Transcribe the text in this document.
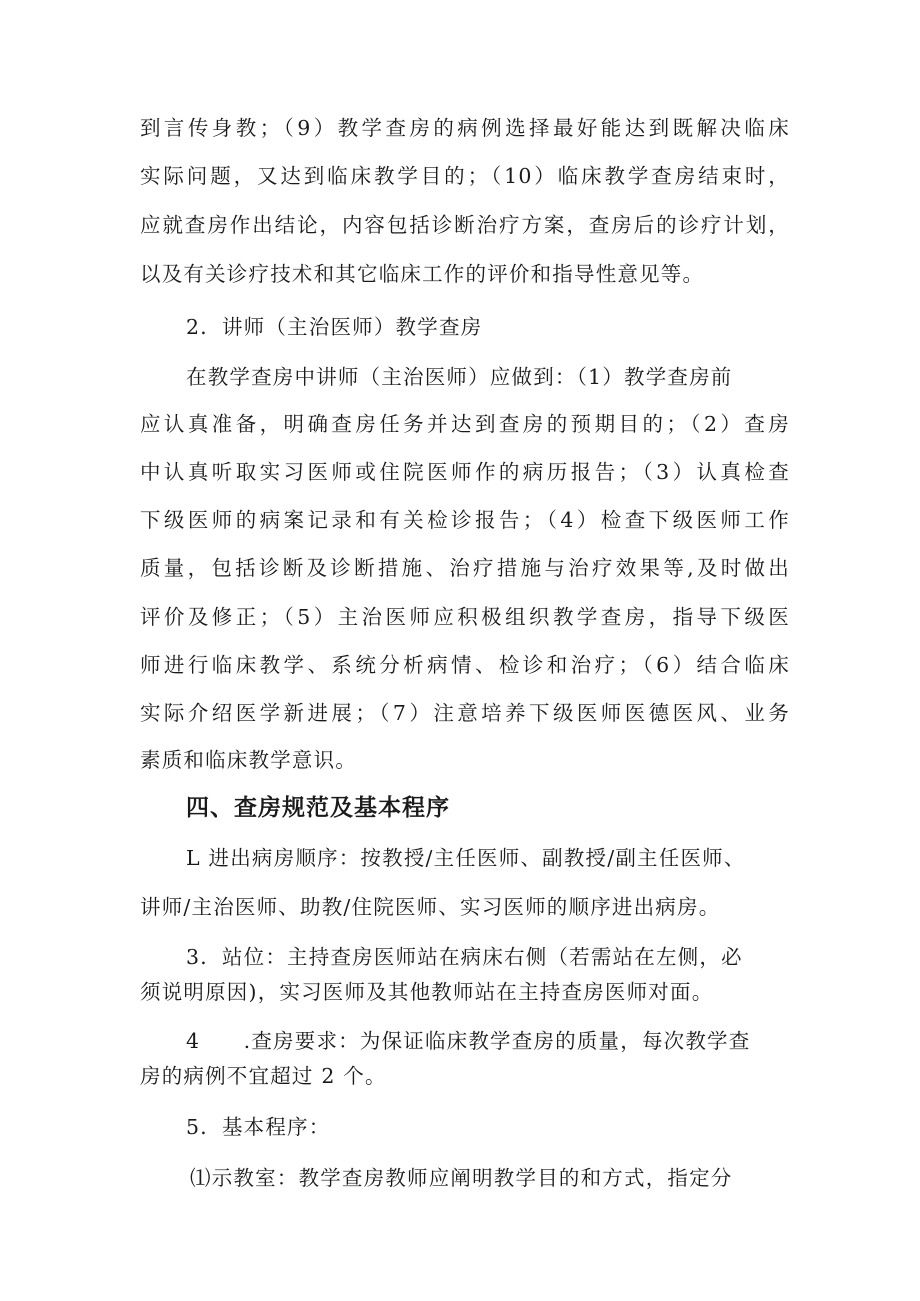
到言传身教；（9）教学查房的病例选择最好能达到既解决临床
实际问题，又达到临床教学目的；（10）临床教学查房结束时，
应就查房作出结论，内容包括诊断治疗方案，查房后的诊疗计划，
以及有关诊疗技术和其它临床工作的评价和指导性意见等。
2．讲师（主治医师）教学查房
在教学查房中讲师（主治医师）应做到：（1）教学查房前
应认真准备，明确查房任务并达到查房的预期目的；（2）查房
中认真听取实习医师或住院医师作的病历报告；（3）认真检查
下级医师的病案记录和有关检诊报告；（4）检查下级医师工作
质量，包括诊断及诊断措施、治疗措施与治疗效果等,及时做出
评价及修正；（5）主治医师应积极组织教学查房，指导下级医
师进行临床教学、系统分析病情、检诊和治疗；（6）结合临床
实际介绍医学新进展；（7）注意培养下级医师医德医风、业务
素质和临床教学意识。
四、查房规范及基本程序
L 进出病房顺序：按教授/主任医师、副教授/副主任医师、
讲师/主治医师、助教/住院医师、实习医师的顺序进出病房。
3．站位：主持查房医师站在病床右侧（若需站在左侧，必
须说明原因)，实习医师及其他教师站在主持查房医师对面。
4　　.查房要求：为保证临床教学查房的质量，每次教学查
房的病例不宜超过 2 个。
5．基本程序：
⑴示教室：教学查房教师应阐明教学目的和方式，指定分
